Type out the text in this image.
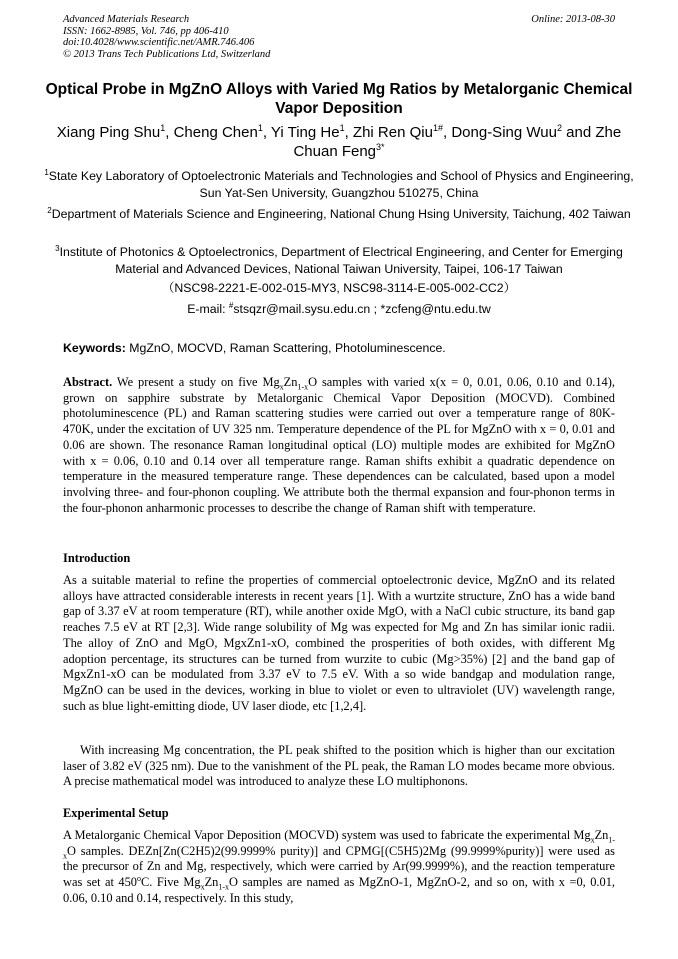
Advanced Materials Research
ISSN: 1662-8985, Vol. 746, pp 406-410
doi:10.4028/www.scientific.net/AMR.746.406
© 2013 Trans Tech Publications Ltd, Switzerland
Online: 2013-08-30
Optical Probe in MgZnO Alloys with Varied Mg Ratios by Metalorganic Chemical Vapor Deposition
Xiang Ping Shu$^1$, Cheng Chen$^1$, Yi Ting He$^1$, Zhi Ren Qiu$^{1\#}$, Dong-Sing Wuu$^2$ and Zhe Chuan Feng$^{3*}$
$^1$State Key Laboratory of Optoelectronic Materials and Technologies and School of Physics and Engineering, Sun Yat-Sen University, Guangzhou 510275, China
$^2$Department of Materials Science and Engineering, National Chung Hsing University, Taichung, 402 Taiwan
$^3$Institute of Photonics & Optoelectronics, Department of Electrical Engineering, and Center for Emerging Material and Advanced Devices, National Taiwan University, Taipei, 106-17 Taiwan
（NSC98-2221-E-002-015-MY3, NSC98-3114-E-005-002-CC2）
E-mail: #stsqzr@mail.sysu.edu.cn ; *zcfeng@ntu.edu.tw
Keywords: MgZnO, MOCVD, Raman Scattering, Photoluminescence.
Abstract. We present a study on five $Mg_xZn_{1-x}O$ samples with varied x(x = 0, 0.01, 0.06, 0.10 and 0.14), grown on sapphire substrate by Metalorganic Chemical Vapor Deposition (MOCVD). Combined photoluminescence (PL) and Raman scattering studies were carried out over a temperature range of 80K-470K, under the excitation of UV 325 nm. Temperature dependence of the PL for MgZnO with x = 0, 0.01 and 0.06 are shown. The resonance Raman longitudinal optical (LO) multiple modes are exhibited for MgZnO with x = 0.06, 0.10 and 0.14 over all temperature range. Raman shifts exhibit a quadratic dependence on temperature in the measured temperature range. These dependences can be calculated, based upon a model involving three- and four-phonon coupling. We attribute both the thermal expansion and four-phonon terms in the four-phonon anharmonic processes to describe the change of Raman shift with temperature.
Introduction
As a suitable material to refine the properties of commercial optoelectronic device, MgZnO and its related alloys have attracted considerable interests in recent years [1]. With a wurtzite structure, ZnO has a wide band gap of 3.37 eV at room temperature (RT), while another oxide MgO, with a NaCl cubic structure, its band gap reaches 7.5 eV at RT [2,3]. Wide range solubility of Mg was expected for Mg and Zn has similar ionic radii. The alloy of ZnO and MgO, MgxZn1-xO, combined the prosperities of both oxides, with different Mg adoption percentage, its structures can be turned from wurzite to cubic (Mg>35%) [2] and the band gap of MgxZn1-xO can be modulated from 3.37 eV to 7.5 eV. With a so wide bandgap and modulation range, MgZnO can be used in the devices, working in blue to violet or even to ultraviolet (UV) wavelength range, such as blue light-emitting diode, UV laser diode, etc [1,2,4].
With increasing Mg concentration, the PL peak shifted to the position which is higher than our excitation laser of 3.82 eV (325 nm). Due to the vanishment of the PL peak, the Raman LO modes became more obvious. A precise mathematical model was introduced to analyze these LO multiphonons.
Experimental Setup
A Metalorganic Chemical Vapor Deposition (MOCVD) system was used to fabricate the experimental $Mg_xZn_{1-x}O$ samples. DEZn[Zn(C2H5)2(99.9999% purity)] and CPMG[(C5H5)2Mg (99.9999%purity)] were used as the precursor of Zn and Mg, respectively, which were carried by Ar(99.9999%), and the reaction temperature was set at 450$^o$C. Five $Mg_xZn_{1-x}O$ samples are named as MgZnO-1, MgZnO-2, and so on, with x =0, 0.01, 0.06, 0.10 and 0.14, respectively. In this study,
